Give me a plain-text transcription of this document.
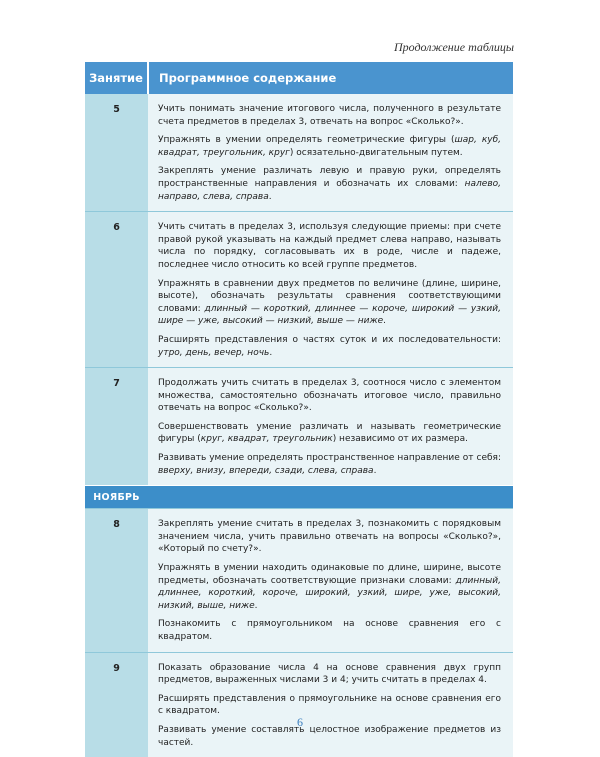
Продолжение таблицы
Занятие	Программное содержание
5	Учить понимать значение итогового числа, полученного в результате счета предметов в пределах 3, отвечать на вопрос «Сколько?».

Упражнять в умении определять геометрические фигуры (шар, куб, квадрат, треугольник, круг) осязательно-двигательным путем.

Закреплять умение различать левую и правую руки, определять пространственные направления и обозначать их словами: налево, направо, слева, справа.

6	Учить считать в пределах 3, используя следующие приемы: при счете правой рукой указывать на каждый предмет слева направо, называть числа по порядку, согласовывать их в роде, числе и падеже, последнее число относить ко всей группе предметов.

Упражнять в сравнении двух предметов по величине (длине, ширине, высоте), обозначать результаты сравнения соответствующими словами: длинный — короткий, длиннее — короче, широкий — узкий, шире — уже, высокий — низкий, выше — ниже.

Расширять представления о частях суток и их последовательности: утро, день, вечер, ночь.

7	Продолжать учить считать в пределах 3, соотнося число с элементом множества, самостоятельно обозначать итоговое число, правильно отвечать на вопрос «Сколько?».

Совершенствовать умение различать и называть геометрические фигуры (круг, квадрат, треугольник) независимо от их размера.

Развивать умение определять пространственное направление от себя: вверху, внизу, впереди, сзади, слева, справа.

НОЯБРЬ	
8	Закреплять умение считать в пределах 3, познакомить с порядковым значением числа, учить правильно отвечать на вопросы «Сколько?», «Который по счету?».

Упражнять в умении находить одинаковые по длине, ширине, высоте предметы, обозначать соответствующие признаки словами: длинный, длиннее, короткий, короче, широкий, узкий, шире, уже, высокий, низкий, выше, ниже.

Познакомить с прямоугольником на основе сравнения его с квадратом.

9	Показать образование числа 4 на основе сравнения двух групп предметов, выраженных числами 3 и 4; учить считать в пределах 4.

Расширять представления о прямоугольнике на основе сравнения его с квадратом.

Развивать умение составлять целостное изображение предметов из частей.

6
